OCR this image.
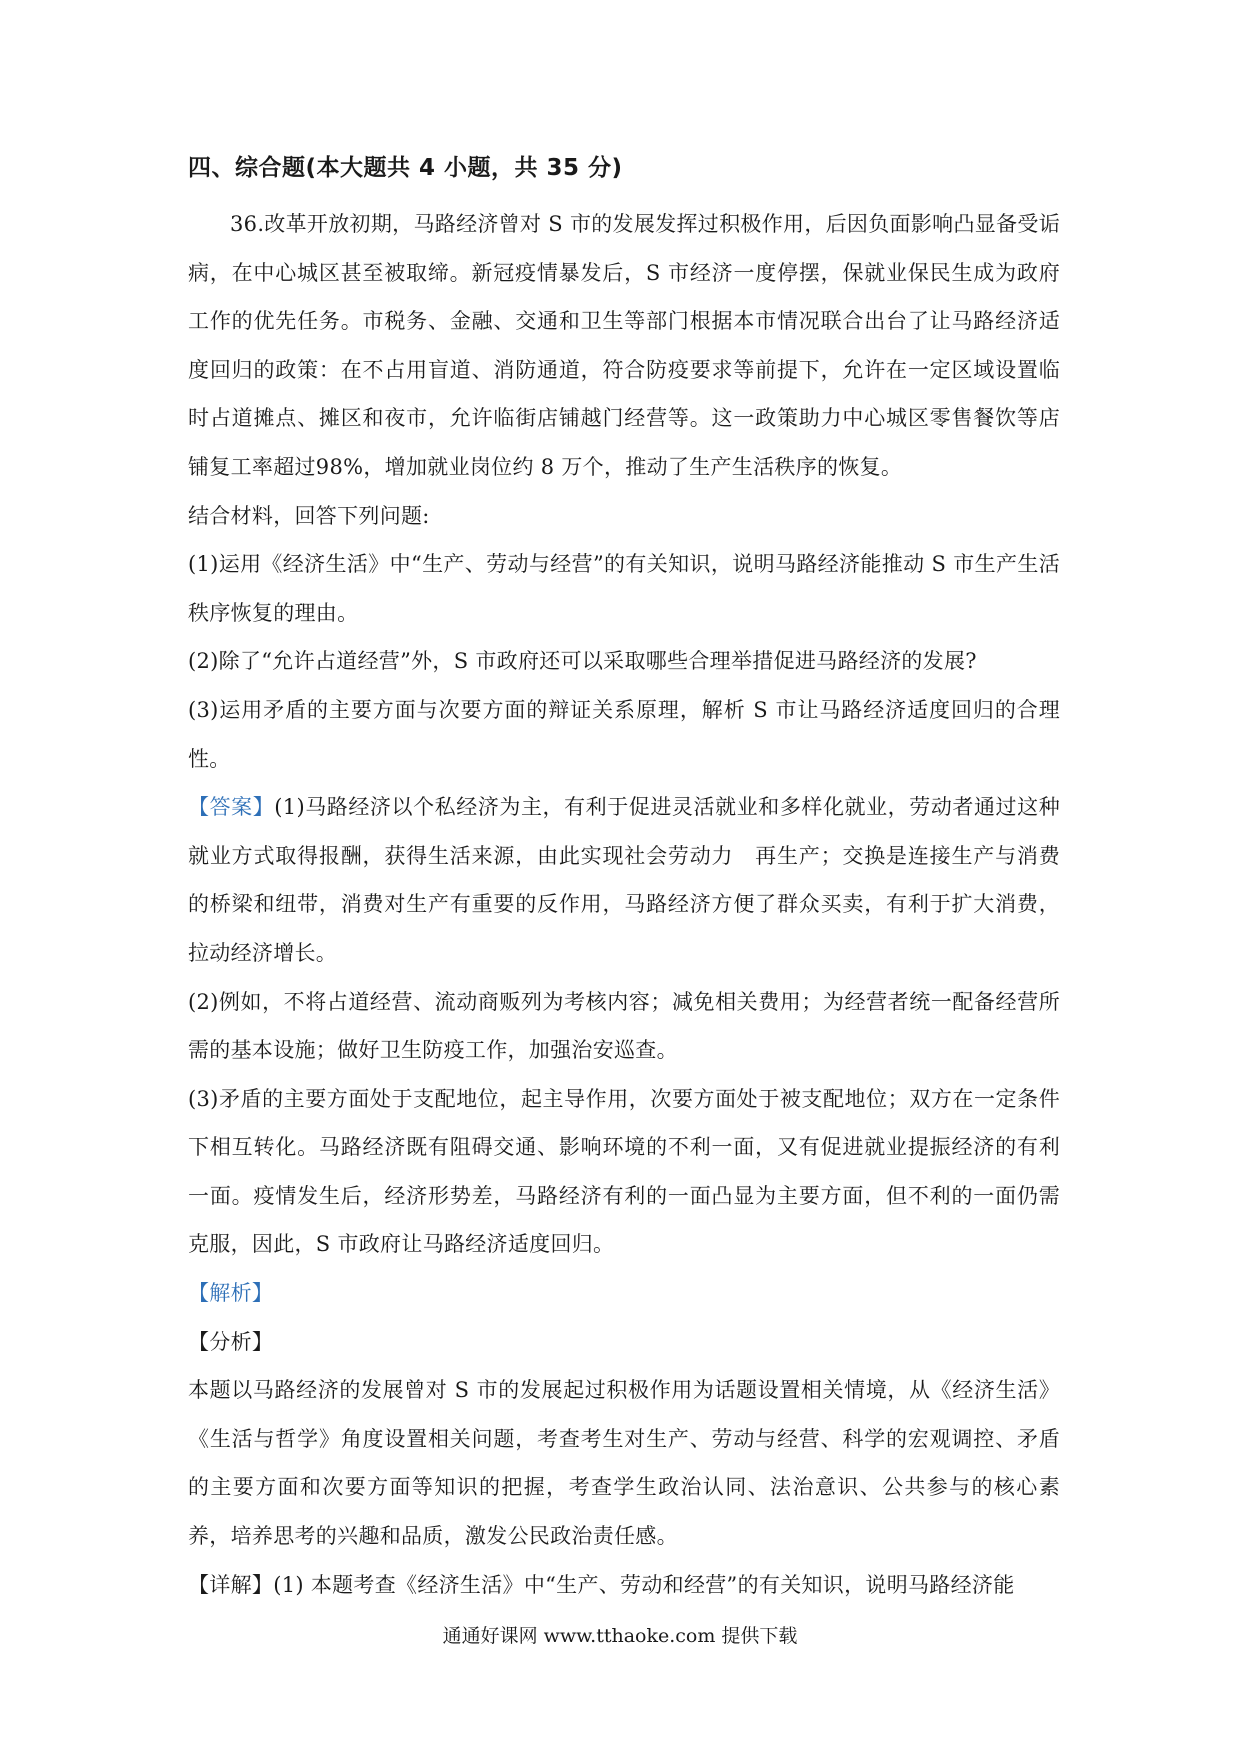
四、综合题(本大题共 4 小题，共 35 分)

36.改革开放初期，马路经济曾对 S 市的发展发挥过积极作用，后因负面影响凸显备受诟病，在中心城区甚至被取缔。新冠疫情暴发后，S 市经济一度停摆，保就业保民生成为政府工作的优先任务。市税务、金融、交通和卫生等部门根据本市情况联合出台了让马路经济适度回归的政策：在不占用盲道、消防通道，符合防疫要求等前提下，允许在一定区域设置临时占道摊点、摊区和夜市，允许临街店铺越门经营等。这一政策助力中心城区零售餐饮等店铺复工率超过98%，增加就业岗位约 8 万个，推动了生产生活秩序的恢复。

结合材料，回答下列问题:

(1)运用《经济生活》中“生产、劳动与经营”的有关知识，说明马路经济能推动 S 市生产生活秩序恢复的理由。

(2)除了“允许占道经营”外，S 市政府还可以采取哪些合理举措促进马路经济的发展?

(3)运用矛盾的主要方面与次要方面的辩证关系原理，解析 S 市让马路经济适度回归的合理性。

【答案】(1)马路经济以个私经济为主，有利于促进灵活就业和多样化就业，劳动者通过这种就业方式取得报酬，获得生活来源，由此实现社会劳动力　再生产；交换是连接生产与消费的桥梁和纽带，消费对生产有重要的反作用，马路经济方便了群众买卖，有利于扩大消费，拉动经济增长。

(2)例如，不将占道经营、流动商贩列为考核内容；减免相关费用；为经营者统一配备经营所需的基本设施；做好卫生防疫工作，加强治安巡查。

(3)矛盾的主要方面处于支配地位，起主导作用，次要方面处于被支配地位；双方在一定条件下相互转化。马路经济既有阻碍交通、影响环境的不利一面，又有促进就业提振经济的有利一面。疫情发生后，经济形势差，马路经济有利的一面凸显为主要方面，但不利的一面仍需克服，因此，S 市政府让马路经济适度回归。

【解析】

【分析】

本题以马路经济的发展曾对 S 市的发展起过积极作用为话题设置相关情境，从《经济生活》《生活与哲学》角度设置相关问题，考查考生对生产、劳动与经营、科学的宏观调控、矛盾的主要方面和次要方面等知识的把握，考查学生政治认同、法治意识、公共参与的核心素养，培养思考的兴趣和品质，激发公民政治责任感。

【详解】(1) 本题考查《经济生活》中“生产、劳动和经营”的有关知识，说明马路经济能

通通好课网 www.tthaoke.com 提供下载
